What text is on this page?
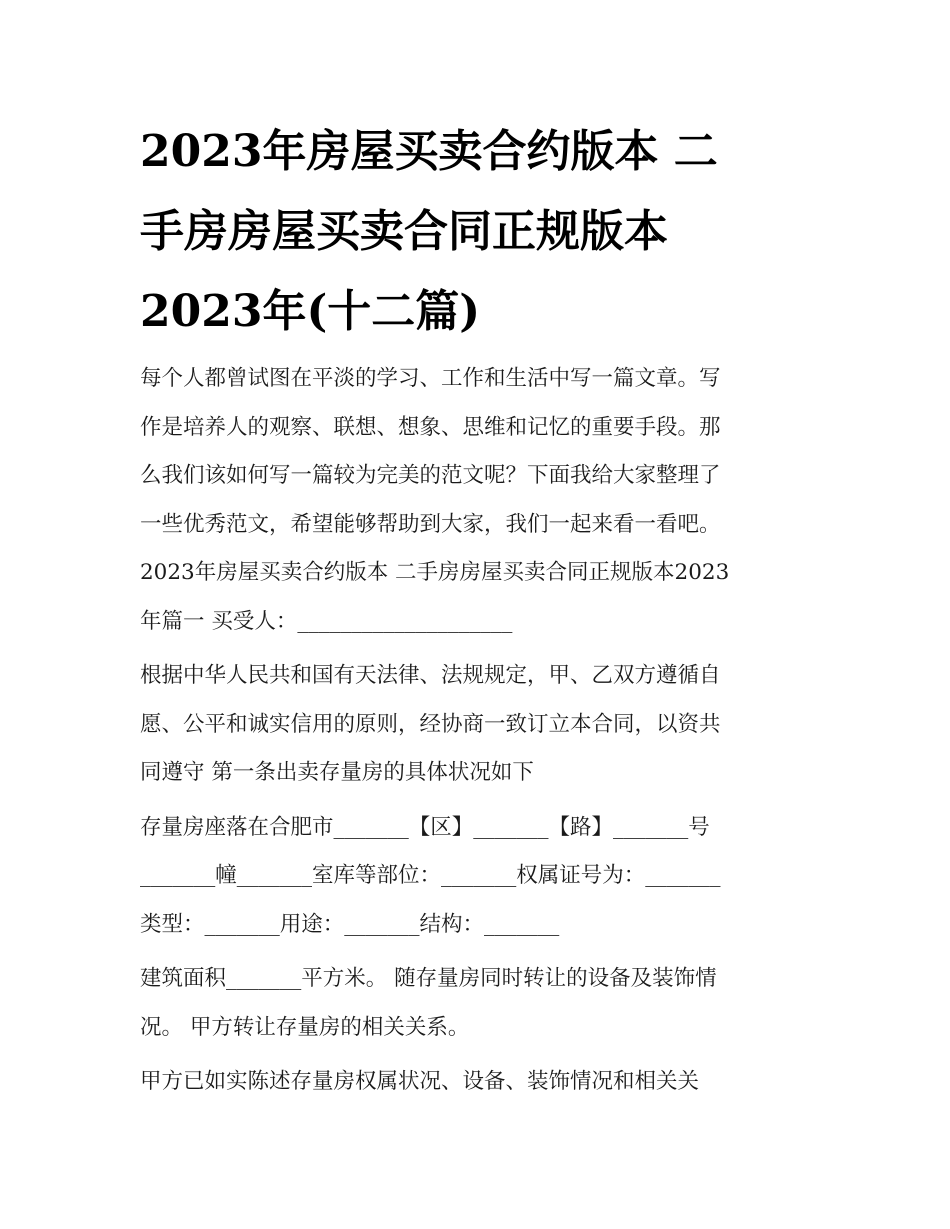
2023年房屋买卖合约版本 二
手房房屋买卖合同正规版本
2023年(十二篇)

每个人都曾试图在平淡的学习、工作和生活中写一篇文章。写
作是培养人的观察、联想、想象、思维和记忆的重要手段。那
么我们该如何写一篇较为完美的范文呢？下面我给大家整理了
一些优秀范文，希望能够帮助到大家，我们一起来看一看吧。

2023年房屋买卖合约版本 二手房房屋买卖合同正规版本2023
年篇一 买受人：____________________

根据中华人民共和国有天法律、法规规定，甲、乙双方遵循自
愿、公平和诚实信用的原则，经协商一致订立本合同，以资共
同遵守 第一条出卖存量房的具体状况如下

存量房座落在合肥市_______【区】_______【路】_______号
_______幢_______室库等部位：_______权属证号为：_______
类型：_______用途：_______结构：_______

建筑面积_______平方米。 随存量房同时转让的设备及装饰情
况。 甲方转让存量房的相关关系。

甲方已如实陈述存量房权属状况、设备、装饰情况和相关关
